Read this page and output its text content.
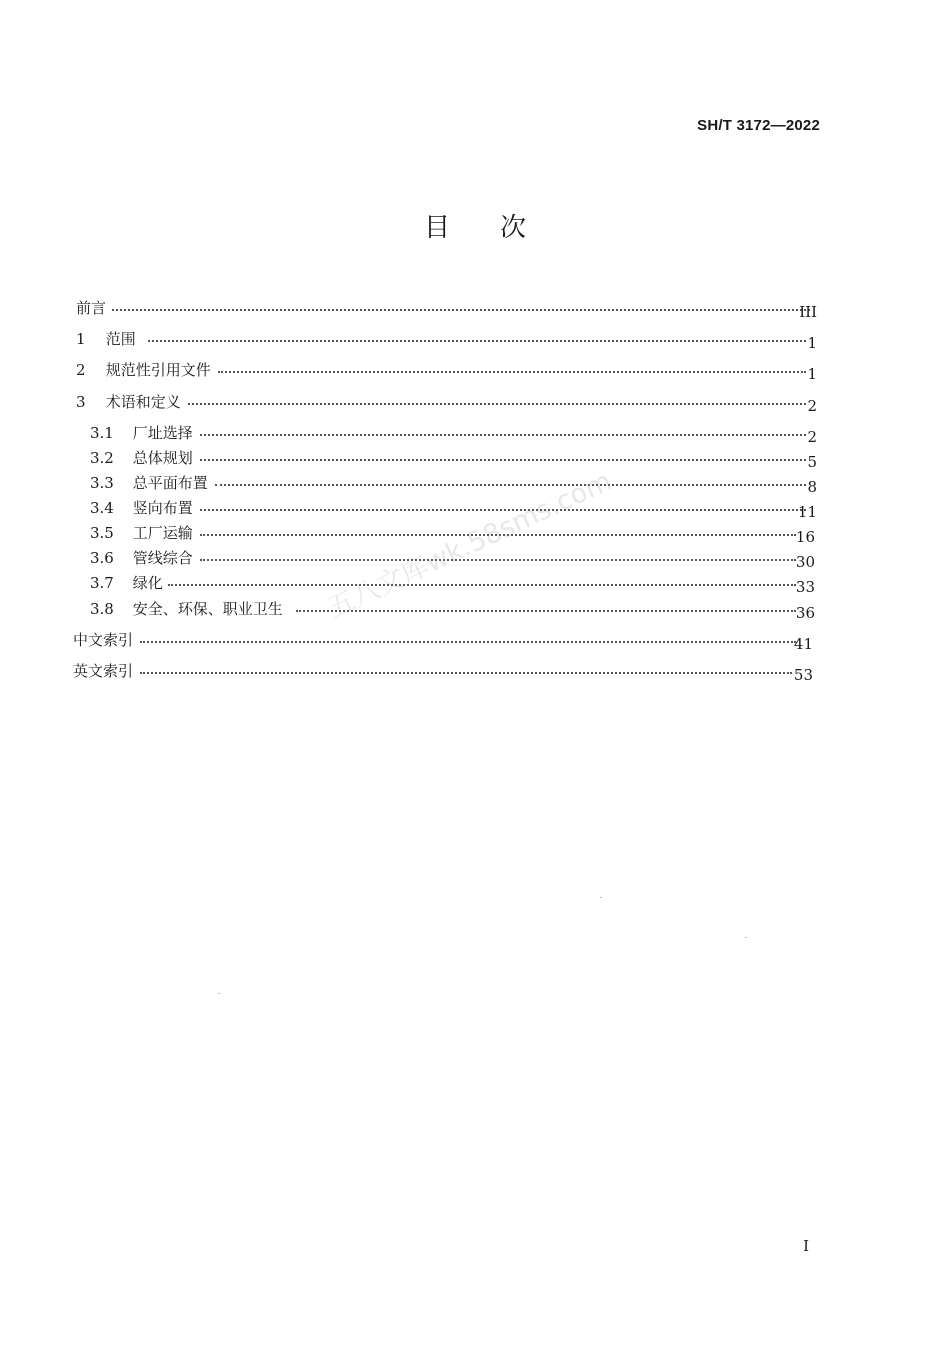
SH/T 3172—2022
目次
前言	III
1 范围	1
2 规范性引用文件	1
3 术语和定义	2
3.1 厂址选择	2
3.2 总体规划	5
3.3 总平面布置	8
3.4 竖向布置	11
3.5 工厂运输	16
3.6 管线综合	30
3.7 绿化	33
3.8 安全、环保、职业卫生	36
中文索引	41
英文索引	53
五八文库wk.58sms.com
I
